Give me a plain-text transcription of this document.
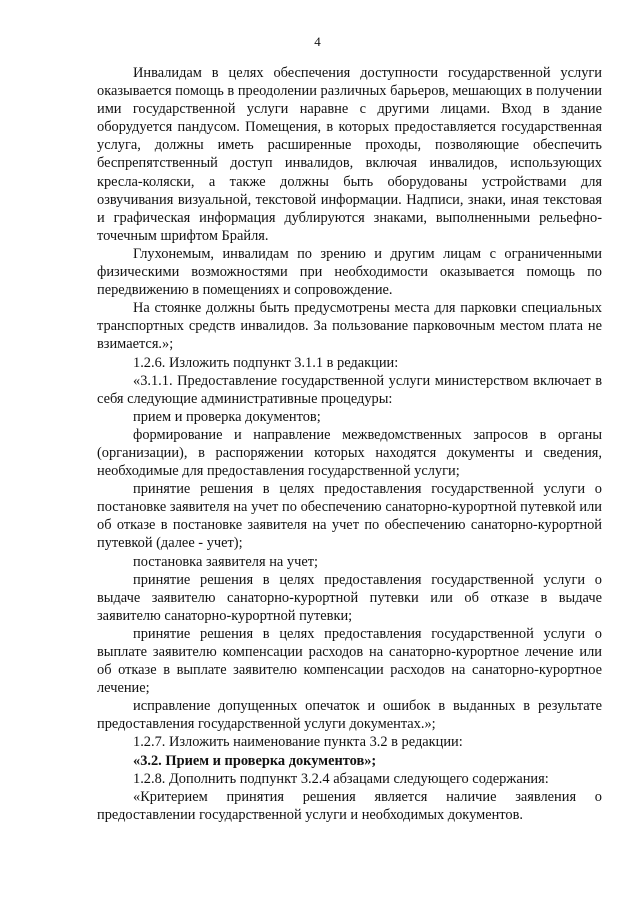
4

Инвалидам в целях обеспечения доступности государственной услуги оказывается помощь в преодолении различных барьеров, мешающих в получении ими государственной услуги наравне с другими лицами. Вход в здание оборудуется пандусом. Помещения, в которых предоставляется государственная услуга, должны иметь расширенные проходы, позволяющие обеспечить беспрепятственный доступ инвалидов, включая инвалидов, использующих кресла-коляски, а также должны быть оборудованы устройствами для озвучивания визуальной, текстовой информации. Надписи, знаки, иная текстовая и графическая информация дублируются знаками, выполненными рельефно-точечным шрифтом Брайля.

Глухонемым, инвалидам по зрению и другим лицам с ограниченными физическими возможностями при необходимости оказывается помощь по передвижению в помещениях и сопровождение.

На стоянке должны быть предусмотрены места для парковки специальных транспортных средств инвалидов. За пользование парковочным местом плата не взимается.»;

1.2.6. Изложить подпункт 3.1.1 в редакции:

«3.1.1. Предоставление государственной услуги министерством включает в себя следующие административные процедуры:

прием и проверка документов;

формирование и направление межведомственных запросов в органы (организации), в распоряжении которых находятся документы и сведения, необходимые для предоставления государственной услуги;

принятие решения в целях предоставления государственной услуги о постановке заявителя на учет по обеспечению санаторно-курортной путевкой или об отказе в постановке заявителя на учет по обеспечению санаторно-курортной путевкой (далее - учет);

постановка заявителя на учет;

принятие решения в целях предоставления государственной услуги о выдаче заявителю санаторно-курортной путевки или об отказе в выдаче заявителю санаторно-курортной путевки;

принятие решения в целях предоставления государственной услуги о выплате заявителю компенсации расходов на санаторно-курортное лечение или об отказе в выплате заявителю компенсации расходов на санаторно-курортное лечение;

исправление допущенных опечаток и ошибок в выданных в результате предоставления государственной услуги документах.»;

1.2.7. Изложить наименование пункта 3.2 в редакции:

«3.2. Прием и проверка документов»;

1.2.8. Дополнить подпункт 3.2.4 абзацами следующего содержания:

«Критерием принятия решения является наличие заявления о предоставлении государственной услуги и необходимых документов.
